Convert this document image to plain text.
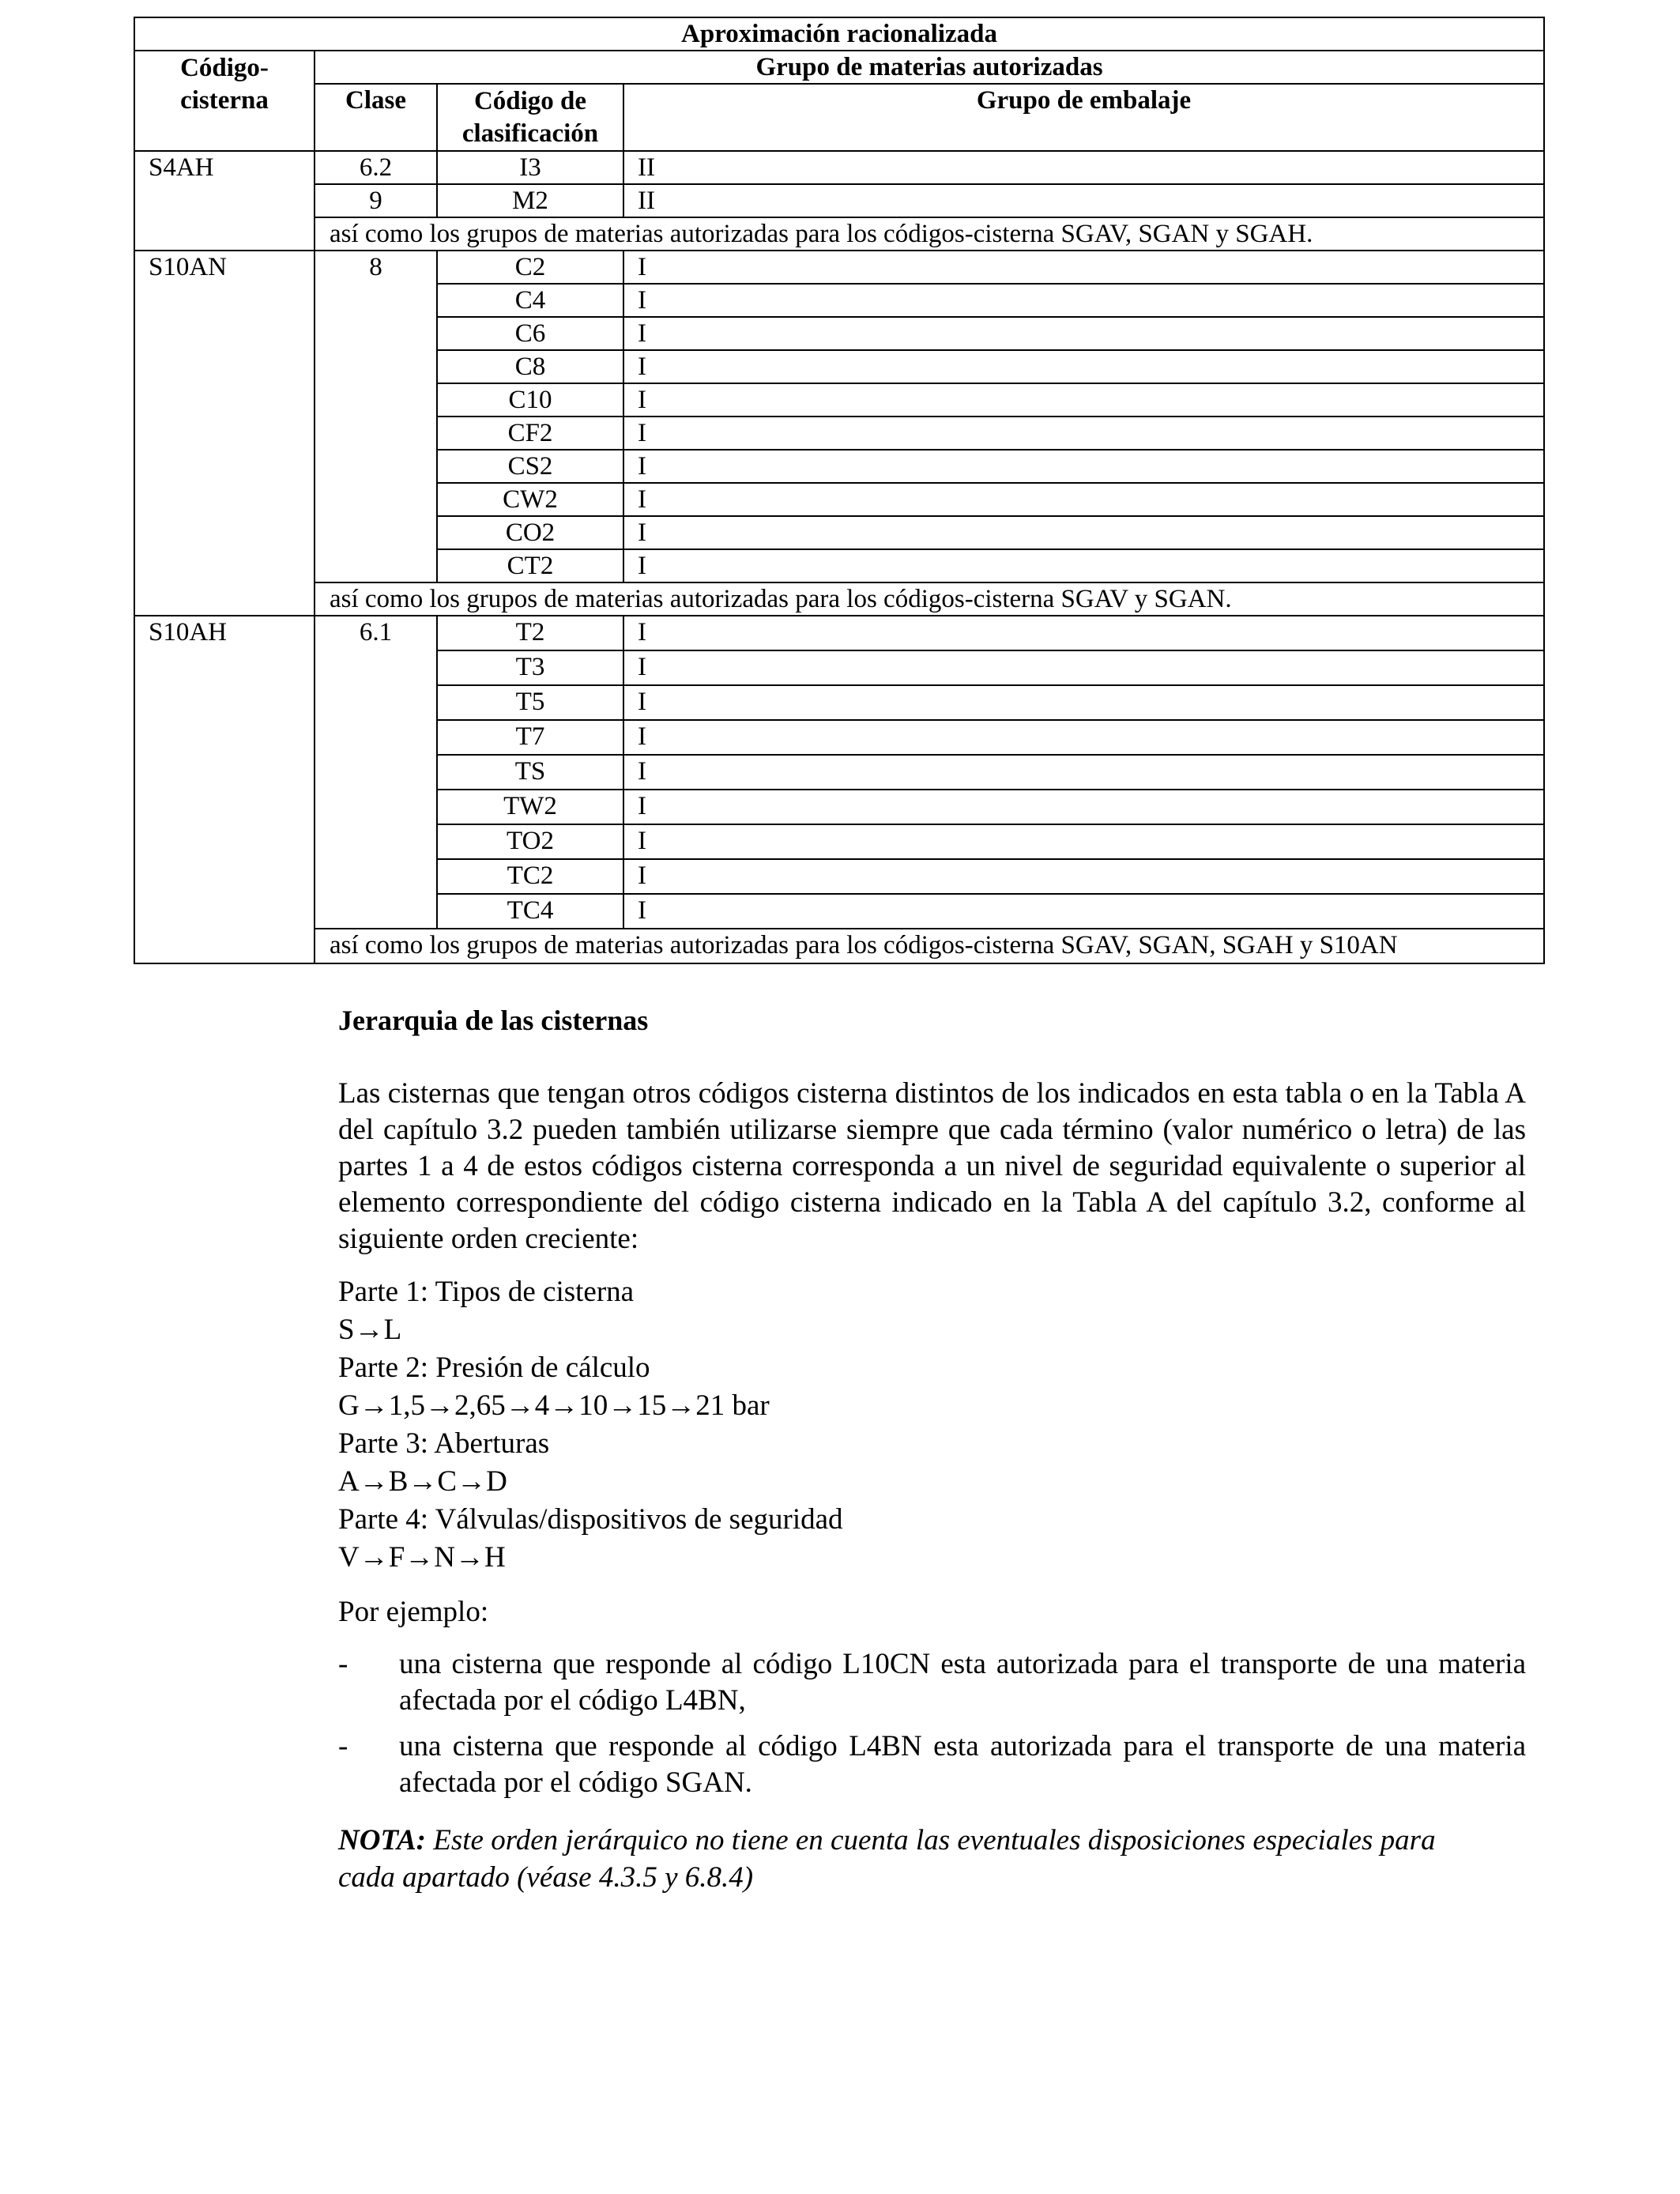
Aproximación racionalizada			
Código-cisterna	Grupo de materias autorizadas		
	Clase	Código de clasificación	Grupo de embalaje

S4AH	6.2	I3	II
	9	M2	II
	así como los grupos de materias autorizadas para los códigos-cisterna SGAV, SGAN y SGAH.		
S10AN	8	C2	I
		C4	I
		C6	I
		C8	I
		C10	I
		CF2	I
		CS2	I
		CW2	I
		CO2	I
		CT2	I
	así como los grupos de materias autorizadas para los códigos-cisterna SGAV y SGAN.		
S10AH	6.1	T2	I
		T3	I
		T5	I
		T7	I
		TS	I
		TW2	I
		TO2	I
		TC2	I
		TC4	I
	así como los grupos de materias autorizadas para los códigos-cisterna SGAV, SGAN, SGAH y S10AN		
Jerarquia de las cisternas
Las cisternas que tengan otros códigos cisterna distintos de los indicados en esta tabla o en la Tabla A del capítulo 3.2 pueden también utilizarse siempre que cada término (valor numérico o letra) de las partes 1 a 4 de estos códigos cisterna corresponda a un nivel de seguridad equivalente o superior al elemento correspondiente del código cisterna indicado en la Tabla A del capítulo 3.2, conforme al siguiente orden creciente:
Parte 1: Tipos de cisterna
S→L
Parte 2: Presión de cálculo
G→1,5→2,65→4→10→15→21 bar
Parte 3: Aberturas
A→B→C→D
Parte 4: Válvulas/dispositivos de seguridad
V→F→N→H
Por ejemplo:
- una cisterna que responde al código L10CN esta autorizada para el transporte de una materia afectada por el código L4BN,
- una cisterna que responde al código L4BN esta autorizada para el transporte de una materia afectada por el código SGAN.
NOTA: Este orden jerárquico no tiene en cuenta las eventuales disposiciones especiales para cada apartado (véase 4.3.5 y 6.8.4)
